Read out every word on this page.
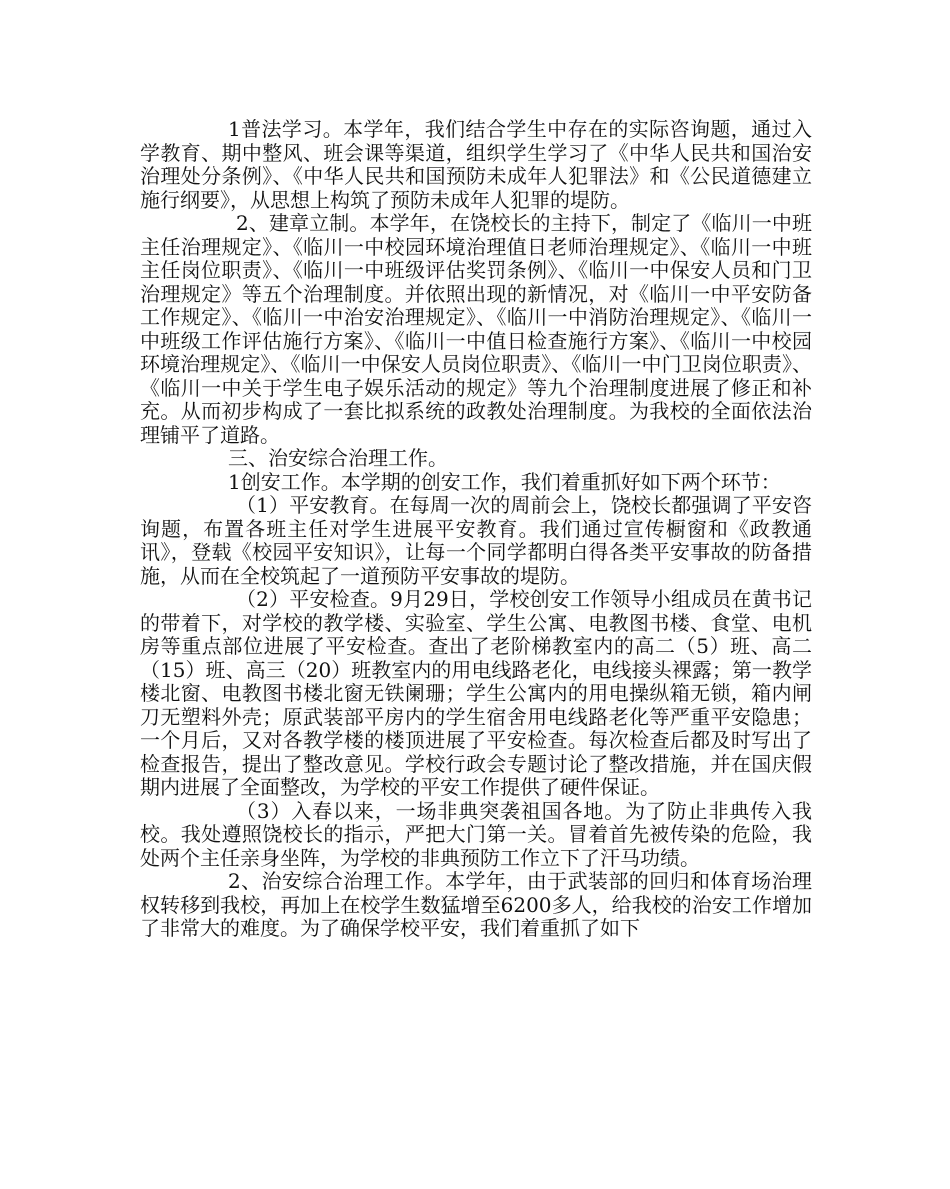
1普法学习。本学年，我们结合学生中存在的实际咨询题，通过入学教育、期中整风、班会课等渠道，组织学生学习了《中华人民共和国治安治理处分条例》、《中华人民共和国预防未成年人犯罪法》和《公民道德建立施行纲要》，从思想上构筑了预防未成年人犯罪的堤防。

2、建章立制。本学年，在饶校长的主持下，制定了《临川一中班主任治理规定》、《临川一中校园环境治理值日老师治理规定》、《临川一中班主任岗位职责》、《临川一中班级评估奖罚条例》、《临川一中保安人员和门卫治理规定》等五个治理制度。并依照出现的新情况，对《临川一中平安防备工作规定》、《临川一中治安治理规定》、《临川一中消防治理规定》、《临川一中班级工作评估施行方案》、《临川一中值日检查施行方案》、《临川一中校园环境治理规定》、《临川一中保安人员岗位职责》、《临川一中门卫岗位职责》、《临川一中关于学生电子娱乐活动的规定》等九个治理制度进展了修正和补充。从而初步构成了一套比拟系统的政教处治理制度。为我校的全面依法治理铺平了道路。

三、治安综合治理工作。

1创安工作。本学期的创安工作，我们着重抓好如下两个环节：

（1）平安教育。在每周一次的周前会上，饶校长都强调了平安咨询题，布置各班主任对学生进展平安教育。我们通过宣传橱窗和《政教通讯》，登载《校园平安知识》，让每一个同学都明白得各类平安事故的防备措施，从而在全校筑起了一道预防平安事故的堤防。

（2）平安检查。9月29日，学校创安工作领导小组成员在黄书记的带着下，对学校的教学楼、实验室、学生公寓、电教图书楼、食堂、电机房等重点部位进展了平安检查。查出了老阶梯教室内的高二（5）班、高二（15）班、高三（20）班教室内的用电线路老化，电线接头裸露；第一教学楼北窗、电教图书楼北窗无铁阑珊；学生公寓内的用电操纵箱无锁，箱内闸刀无塑料外壳；原武装部平房内的学生宿舍用电线路老化等严重平安隐患；一个月后，又对各教学楼的楼顶进展了平安检查。每次检查后都及时写出了检查报告，提出了整改意见。学校行政会专题讨论了整改措施，并在国庆假期内进展了全面整改，为学校的平安工作提供了硬件保证。

（3）入春以来，一场非典突袭祖国各地。为了防止非典传入我校。我处遵照饶校长的指示，严把大门第一关。冒着首先被传染的危险，我处两个主任亲身坐阵，为学校的非典预防工作立下了汗马功绩。

2、治安综合治理工作。本学年，由于武装部的回归和体育场治理权转移到我校，再加上在校学生数猛增至6200多人，给我校的治安工作增加了非常大的难度。为了确保学校平安，我们着重抓了如下
